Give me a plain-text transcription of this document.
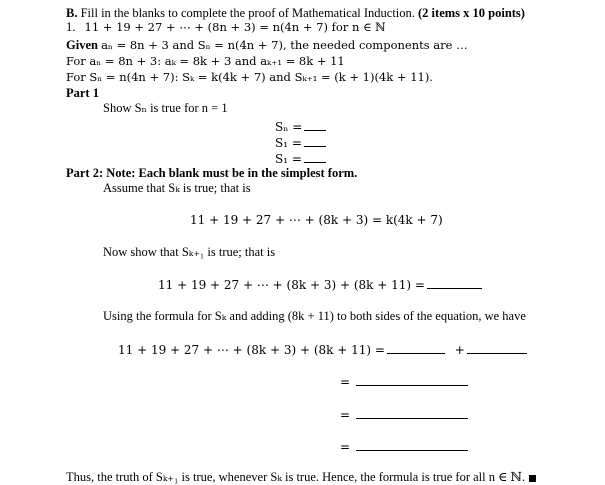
B. Fill in the blanks to complete the proof of Mathematical Induction. (2 items x 10 points)
1. 11 + 19 + 27 + ⋯ + (8n + 3) = n(4n + 7) for n ∈ ℕ
Given aₙ = 8n + 3 and Sₙ = n(4n + 7), the needed components are …
For aₙ = 8n + 3: aₖ = 8k + 3 and aₖ₊₁ = 8k + 11
For Sₙ = n(4n + 7): Sₖ = k(4k + 7) and Sₖ₊₁ = (k + 1)(4k + 11).
Part 1
Show Sₙ is true for n = 1
Sₙ =
S₁ =
S₁ =
Part 2: Note: Each blank must be in the simplest form.
Assume that Sₖ is true; that is
11 + 19 + 27 + ⋯ + (8k + 3) = k(4k + 7)
Now show that Sₖ₊₁ is true; that is
11 + 19 + 27 + ⋯ + (8k + 3) + (8k + 11) =
Using the formula for Sₖ and adding (8k + 11) to both sides of the equation, we have
11 + 19 + 27 + ⋯ + (8k + 3) + (8k + 11) =	+
=
=
=
Thus, the truth of Sₖ₊₁ is true, whenever Sₖ is true. Hence, the formula is true for all n ∈ ℕ.
